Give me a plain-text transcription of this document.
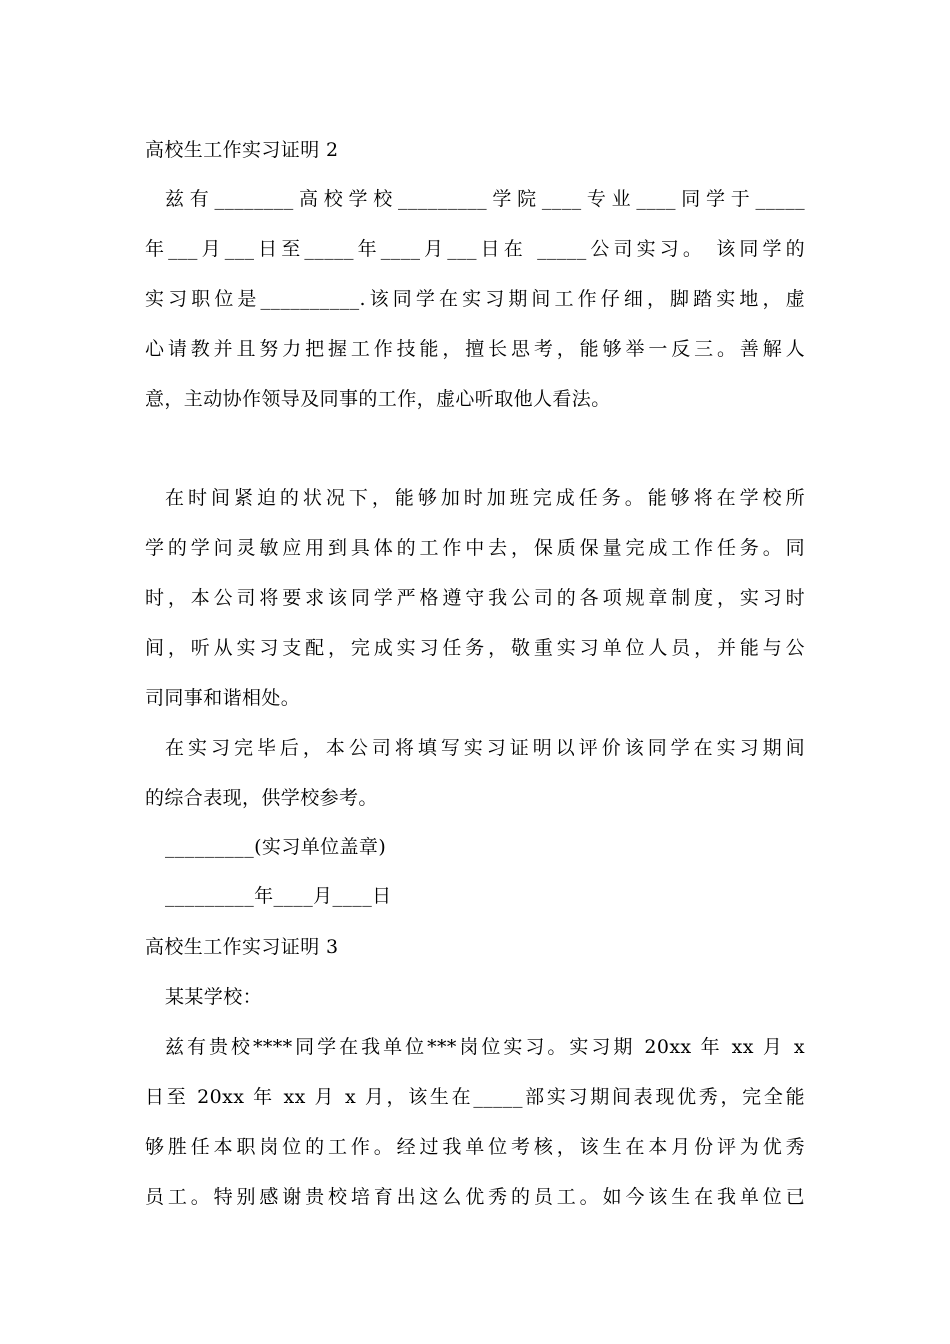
高校生工作实习证明 2
兹有________高校学校_________学院____专业____同学于_____
年___月___日至_____年____月___日在 _____公司实习。 该同学的
实习职位是__________.该同学在实习期间工作仔细，脚踏实地，虚
心请教并且努力把握工作技能，擅长思考，能够举一反三。善解人
意，主动协作领导及同事的工作，虚心听取他人看法。
在时间紧迫的状况下，能够加时加班完成任务。能够将在学校所
学的学问灵敏应用到具体的工作中去，保质保量完成工作任务。同
时，本公司将要求该同学严格遵守我公司的各项规章制度，实习时
间，听从实习支配，完成实习任务，敬重实习单位人员，并能与公
司同事和谐相处。
在实习完毕后，本公司将填写实习证明以评价该同学在实习期间
的综合表现，供学校参考。
_________(实习单位盖章)
_________年____月____日
高校生工作实习证明 3
某某学校：
兹有贵校****同学在我单位***岗位实习。实习期 20xx 年 xx 月 x
日至 20xx 年 xx 月 x 月，该生在_____部实习期间表现优秀，完全能
够胜任本职岗位的工作。经过我单位考核，该生在本月份评为优秀
员工。特别感谢贵校培育出这么优秀的员工。如今该生在我单位已
